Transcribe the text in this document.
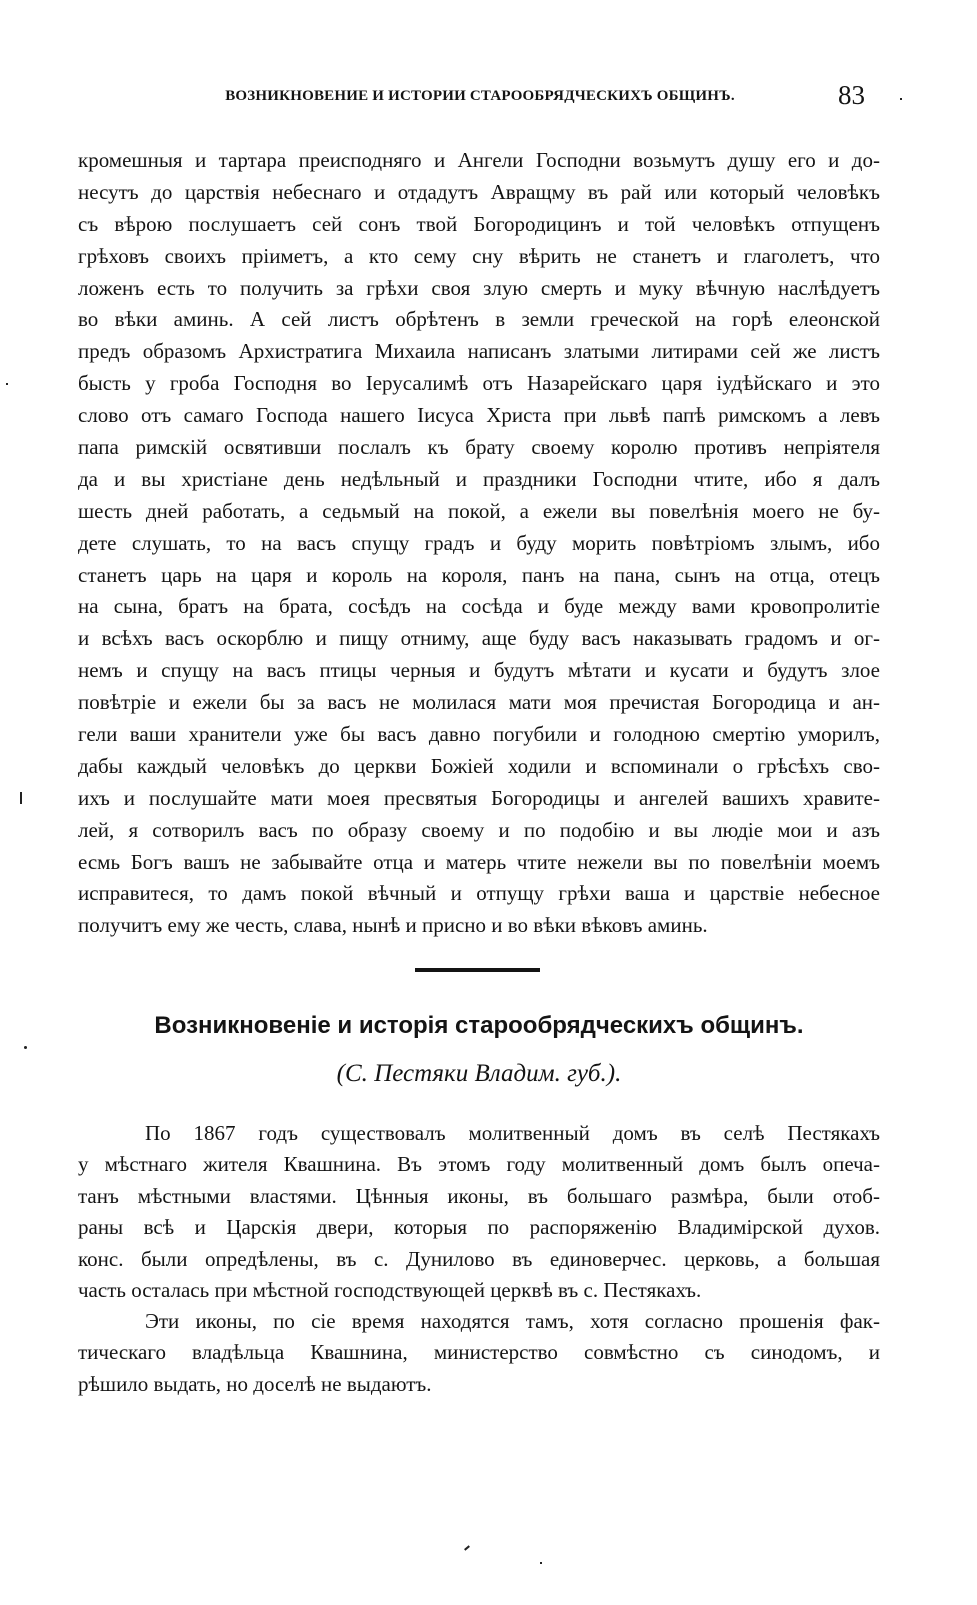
ВОЗНИКНОВЕНИЕ И ИСТОРИИ СТАРООБРЯДЧЕСКИХЪ ОБЩИНЪ.	83
кромешныя и тартара преисподняго и Ангели Господни возьмутъ душу его и до-
несутъ до царствія небеснаго и отдадутъ Авращму въ рай или который человѣкъ
съ вѣрою послушаетъ сей сонъ твой Богородицинъ и той человѣкъ отпущенъ
грѣховъ своихъ пріиметъ, а кто сему сну вѣрить не станетъ и глаголетъ, что
ложенъ есть то получить за грѣхи своя злую смерть и муку вѣчную наслѣдуетъ
во вѣки аминь. А сей листъ обрѣтенъ в земли греческой на горѣ елеонской
предъ образомъ Архистратига Михаила написанъ златыми литирами сей же листъ
бысть у гроба Господня во Iерусалимѣ отъ Назарейскаго царя іудѣйскаго и это
слово отъ самаго Господа нашего Iисуса Христа при львѣ папѣ римскомъ а левъ
папа римскій освятивши послалъ къ брату своему королю противъ непріятеля
да и вы христіане день недѣльный и праздники Господни чтите, ибо я далъ
шесть дней работать, а седьмый на покой, а ежели вы повелѣнія моего не бу-
дете слушать, то на васъ спущу градъ и буду морить повѣтріомъ злымъ, ибо
станетъ царь на царя и король на короля, панъ на пана, сынъ на отца, отецъ
на сына, братъ на брата, сосѣдъ на сосѣда и буде между вами кровопролитіе
и всѣхъ васъ оскорблю и пищу отниму, аще буду васъ наказывать градомъ и ог-
немъ и спущу на васъ птицы черныя и будутъ мѣтати и кусати и будутъ злое
повѣтріе и ежели бы за васъ не молилася мати моя пречистая Богородица и ан-
гели ваши хранители уже бы васъ давно погубили и голодною смертію уморилъ,
дабы каждый человѣкъ до церкви Божіей ходили и вспоминали о грѣсѣхъ сво-
ихъ и послушайте мати моея пресвятыя Богородицы и ангелей вашихъ хравите-
лей, я сотворилъ васъ по образу своему и по подобію и вы людіе мои и азъ
есмь Богъ вашъ не забывайте отца и матерь чтите нежели вы по повелѣніи моемъ
исправитеся, то дамъ покой вѣчный и отпущу грѣхи ваша и царствіе небесное
получитъ ему же честь, слава, нынѣ и присно и во вѣки вѣковъ аминь.
Возникновеніе и исторія старообрядческихъ общинъ.
(С. Пестяки Владим. губ.).
По 1867 годъ существовалъ молитвенный домъ въ селѣ Пестякахъ
у мѣстнаго жителя Квашнина. Въ этомъ году молитвенный домъ былъ опеча-
танъ мѣстными властями. Цѣнныя иконы, въ большаго размѣра, были отоб-
раны всѣ и Царскія двери, которыя по распоряженію Владимірской духов.
конс. были опредѣлены, въ с. Дунилово въ единоверчес. церковь, а большая
часть осталась при мѣстной господствующей церквѣ въ с. Пестякахъ.
Эти иконы, по сіе время находятся тамъ, хотя согласно прошенія фак-
тическаго владѣльца Квашнина, министерство совмѣстно съ синодомъ, и
рѣшило выдать, но доселѣ не выдаютъ.
